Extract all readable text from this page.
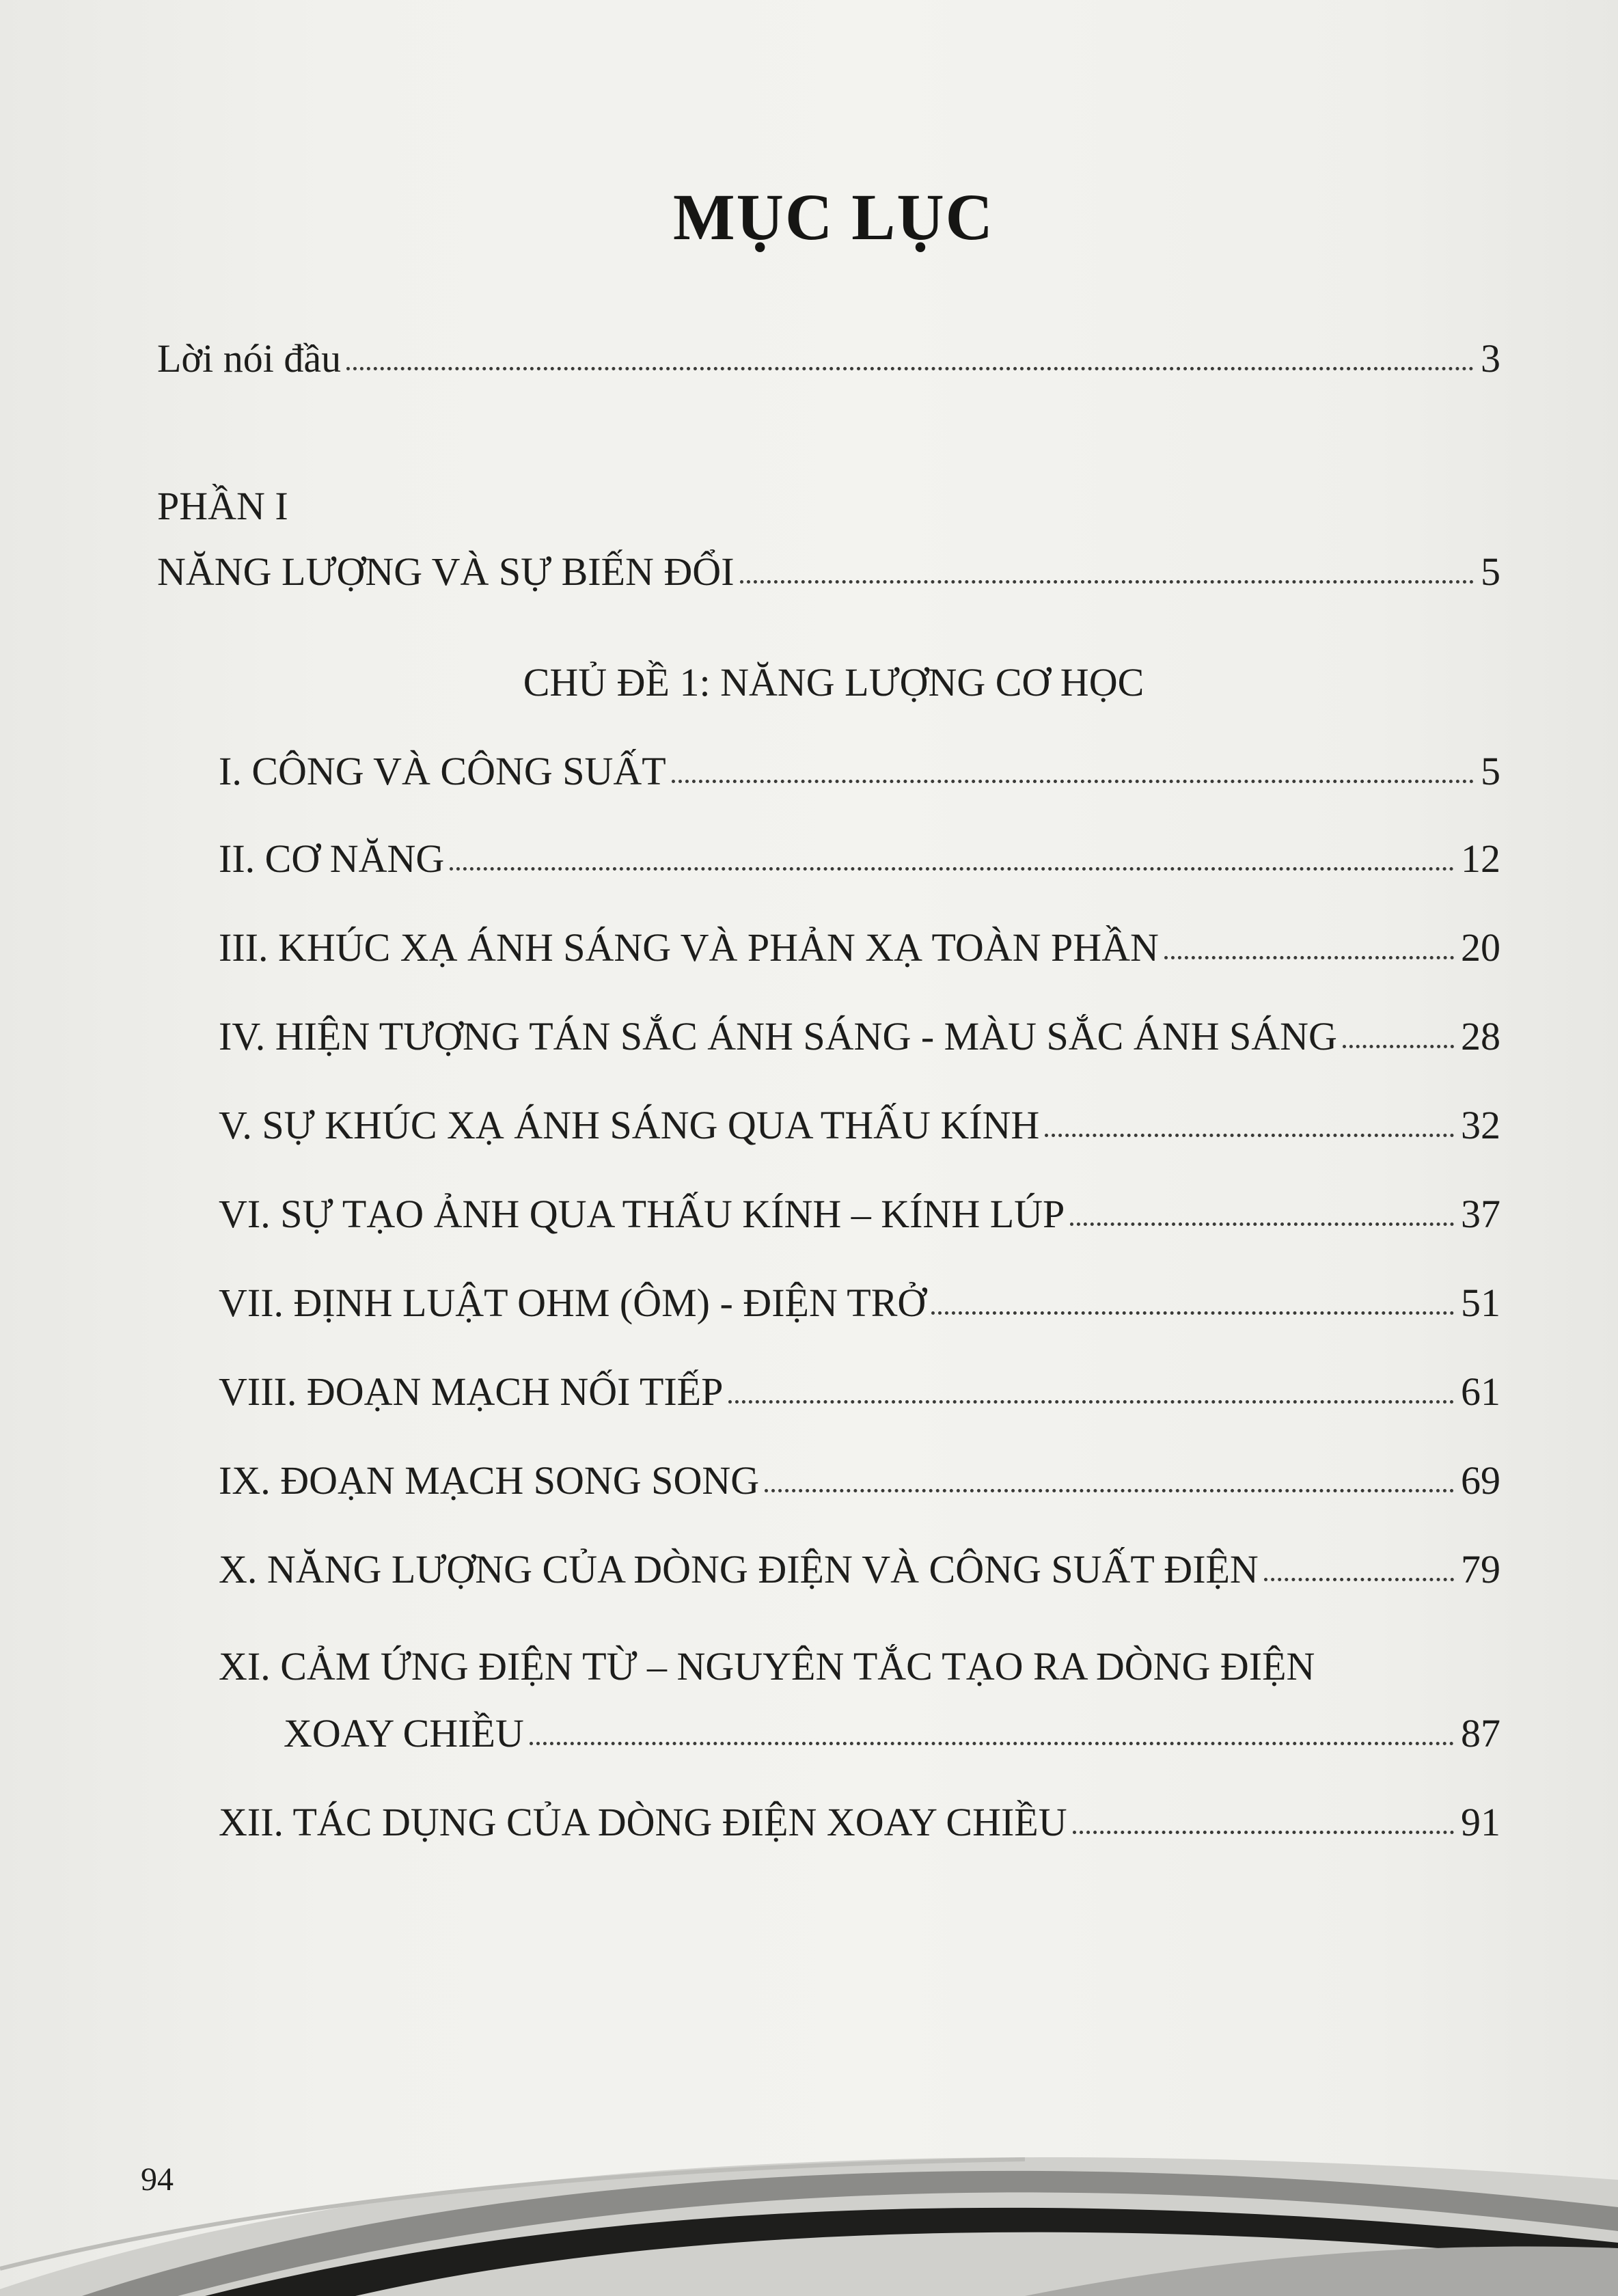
MỤC LỤC
Lời nói đầu	3
PHẦN I
NĂNG LƯỢNG VÀ SỰ BIẾN ĐỔI	5
CHỦ ĐỀ 1: NĂNG LƯỢNG CƠ HỌC
I. CÔNG VÀ CÔNG SUẤT	5
II. CƠ NĂNG	12
III. KHÚC XẠ ÁNH SÁNG VÀ PHẢN XẠ TOÀN PHẦN	20
IV. HIỆN TƯỢNG TÁN SẮC ÁNH SÁNG - MÀU SẮC ÁNH SÁNG	28
V. SỰ KHÚC XẠ ÁNH SÁNG QUA THẤU KÍNH	32
VI. SỰ TẠO ẢNH QUA THẤU KÍNH – KÍNH LÚP	37
VII. ĐỊNH LUẬT OHM (ÔM) - ĐIỆN TRỞ	51
VIII. ĐOẠN MẠCH NỐI TIẾP	61
IX. ĐOẠN MẠCH SONG SONG	69
X. NĂNG LƯỢNG CỦA DÒNG ĐIỆN VÀ CÔNG SUẤT ĐIỆN	79
XI. CẢM ỨNG ĐIỆN TỪ – NGUYÊN TẮC TẠO RA DÒNG ĐIỆN
XOAY CHIỀU	87
XII. TÁC DỤNG CỦA DÒNG ĐIỆN XOAY CHIỀU	91
94
